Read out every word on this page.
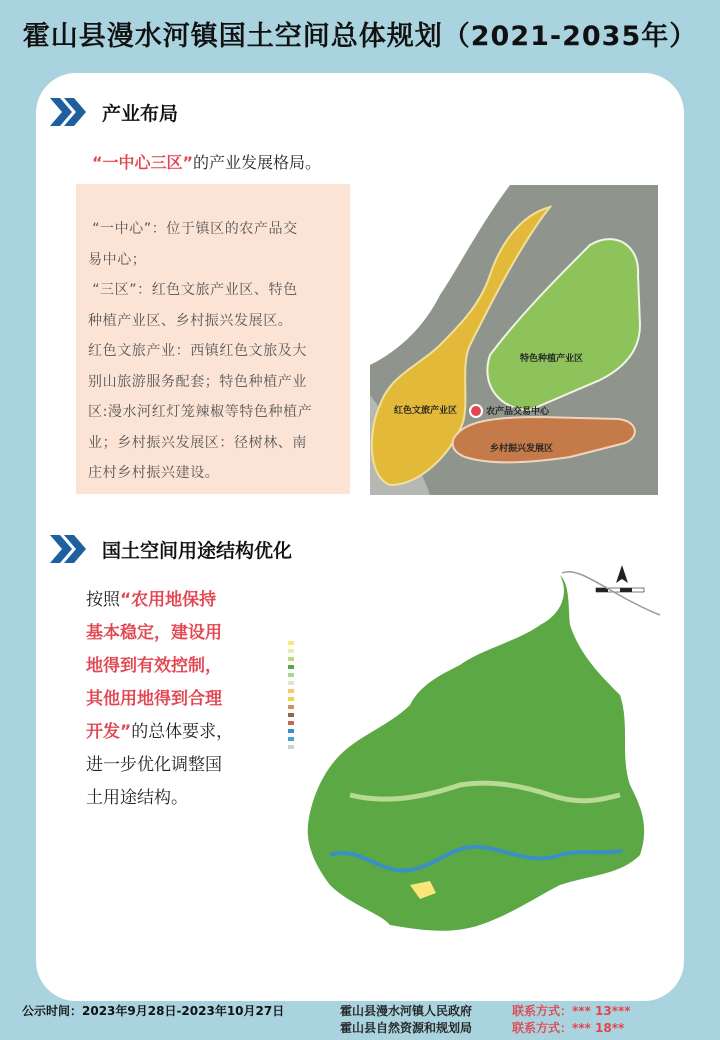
霍山县漫水河镇国土空间总体规划（2021-2035年）
产业布局
“一中心三区”的产业发展格局。

“一中心”：位于镇区的农产品交

易中心；

“三区”：红色文旅产业区、特色

种植产业区、乡村振兴发展区。

红色文旅产业：西镇红色文旅及大

别山旅游服务配套；特色种植产业

区:漫水河红灯笼辣椒等特色种植产

业；乡村振兴发展区：径树林、南

庄村乡村振兴建设。

红色文旅产业区
特色种植产业区
乡村振兴发展区
农产品交易中心
国土空间用途结构优化

按照“农用地保持

基本稳定，建设用

地得到有效控制，

其他用地得到合理

开发”的总体要求，

进一步优化调整国

土用途结构。

公示时间：2023年9月28日-2023年10月27日	霍山县漫水河镇人民政府
霍山县自然资源和规划局
联系方式：*** 13***
联系方式：*** 18**
